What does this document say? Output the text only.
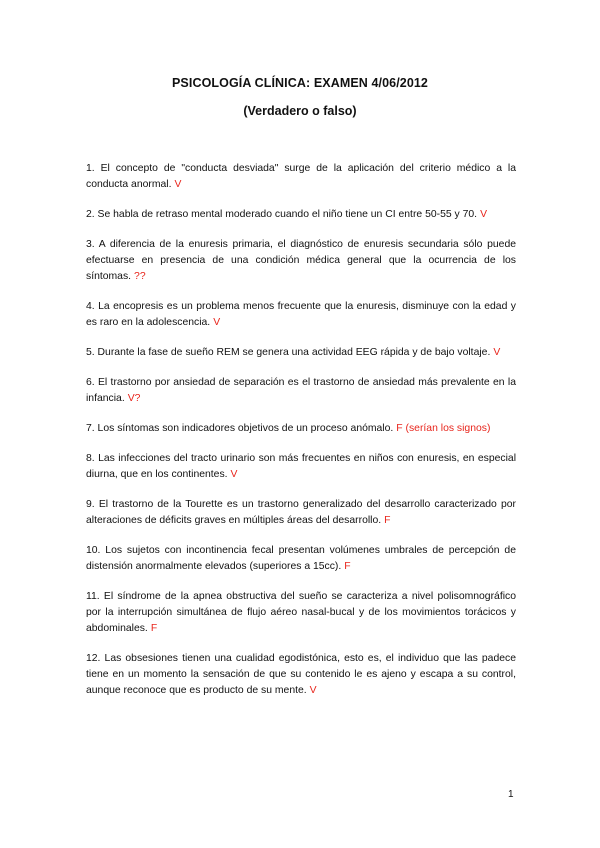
PSICOLOGÍA CLÍNICA: EXAMEN 4/06/2012
(Verdadero o falso)

1. El concepto de "conducta desviada" surge de la aplicación del criterio médico a la conducta anormal. V

2. Se habla de retraso mental moderado cuando el niño tiene un CI entre 50-55 y 70. V

3. A diferencia de la enuresis primaria, el diagnóstico de enuresis secundaria sólo puede efectuarse en presencia de una condición médica general que la ocurrencia de los síntomas. ??

4. La encopresis es un problema menos frecuente que la enuresis, disminuye con la edad y es raro en la adolescencia. V

5. Durante la fase de sueño REM se genera una actividad EEG rápida y de bajo voltaje. V

6. El trastorno por ansiedad de separación es el trastorno de ansiedad más prevalente en la infancia. V?

7. Los síntomas son indicadores objetivos de un proceso anómalo. F (serían los signos)

8. Las infecciones del tracto urinario son más frecuentes en niños con enuresis, en especial diurna, que en los continentes. V

9. El trastorno de la Tourette es un trastorno generalizado del desarrollo caracterizado por alteraciones de déficits graves en múltiples áreas del desarrollo. F

10. Los sujetos con incontinencia fecal presentan volúmenes umbrales de percepción de distensión anormalmente elevados (superiores a 15cc). F

11. El síndrome de la apnea obstructiva del sueño se caracteriza a nivel polisomnográfico por la interrupción simultánea de flujo aéreo nasal-bucal y de los movimientos torácicos y abdominales. F

12. Las obsesiones tienen una cualidad egodistónica, esto es, el individuo que las padece tiene en un momento la sensación de que su contenido le es ajeno y escapa a su control, aunque reconoce que es producto de su mente. V

1
